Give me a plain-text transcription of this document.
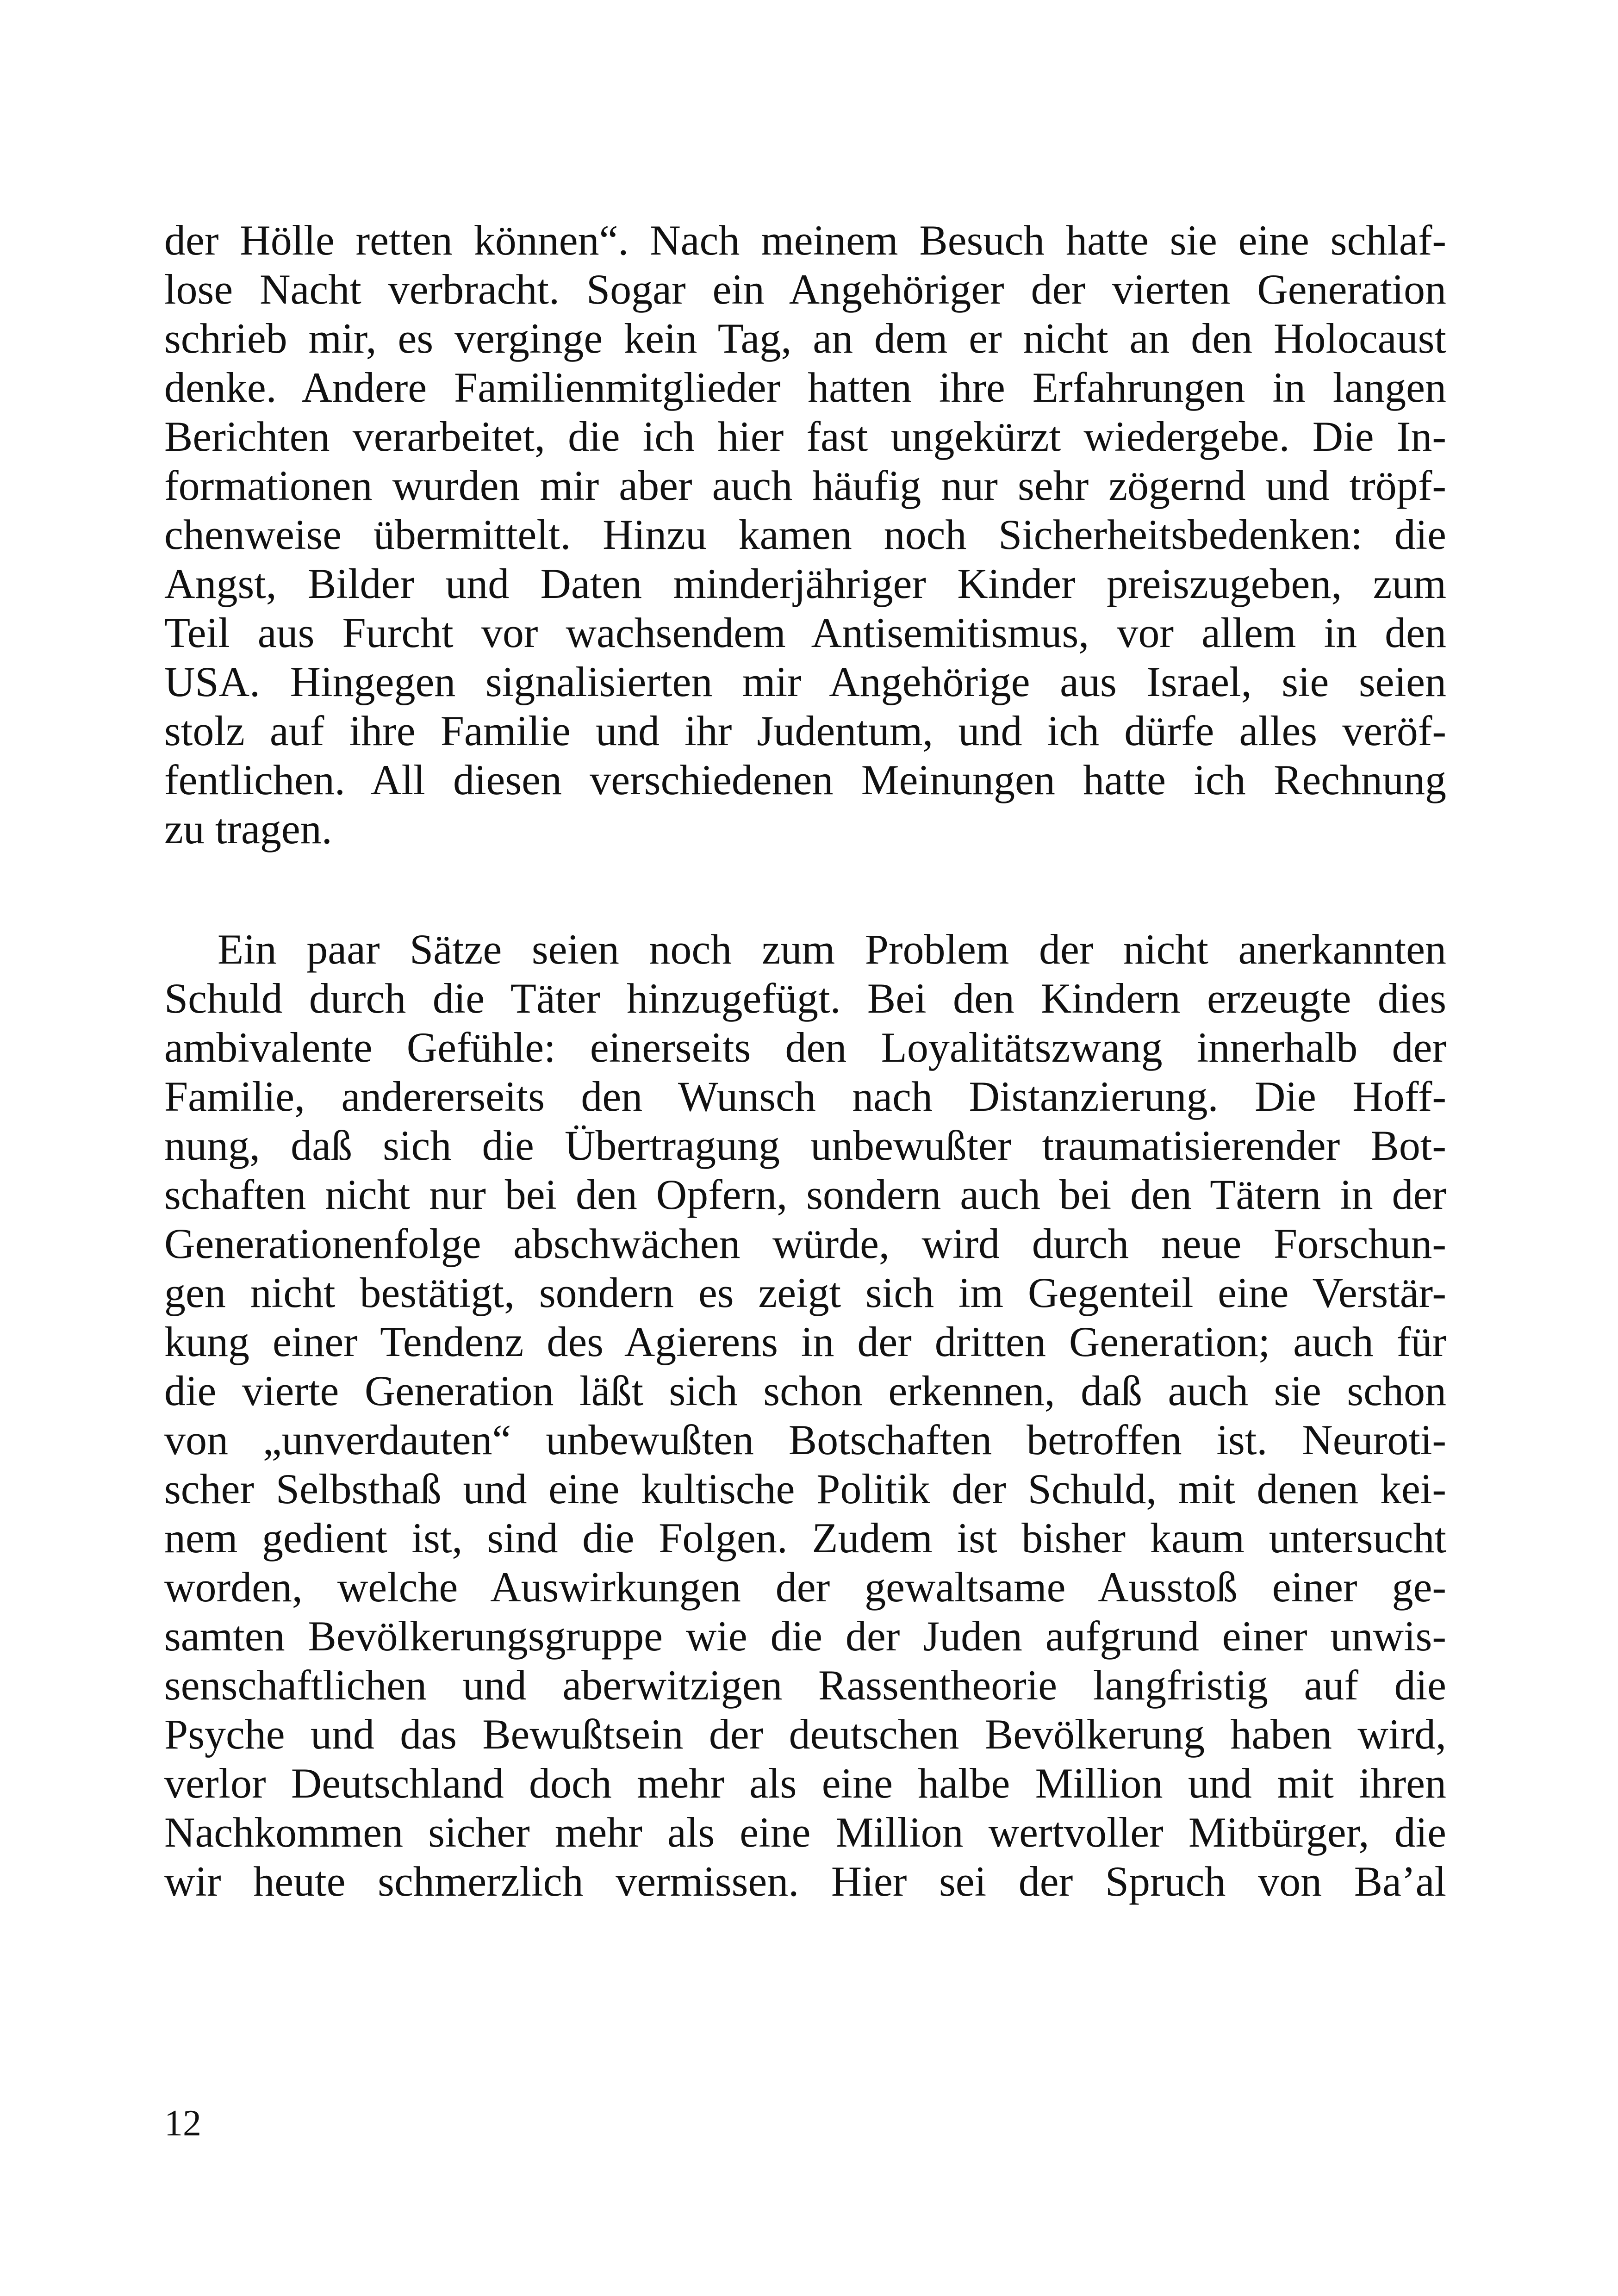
der Hölle retten können“. Nach meinem Besuch hatte sie eine schlaf-
lose Nacht verbracht. Sogar ein Angehöriger der vierten Generation
schrieb mir, es verginge kein Tag, an dem er nicht an den Holocaust
denke. Andere Familienmitglieder hatten ihre Erfahrungen in langen
Berichten verarbeitet, die ich hier fast ungekürzt wiedergebe. Die In-
formationen wurden mir aber auch häufig nur sehr zögernd und tröpf-
chenweise übermittelt. Hinzu kamen noch Sicherheitsbedenken: die
Angst, Bilder und Daten minderjähriger Kinder preiszugeben, zum
Teil aus Furcht vor wachsendem Antisemitismus, vor allem in den
USA. Hingegen signalisierten mir Angehörige aus Israel, sie seien
stolz auf ihre Familie und ihr Judentum, und ich dürfe alles veröf-
fentlichen. All diesen verschiedenen Meinungen hatte ich Rechnung
zu tragen.
Ein paar Sätze seien noch zum Problem der nicht anerkannten
Schuld durch die Täter hinzugefügt. Bei den Kindern erzeugte dies
ambivalente Gefühle: einerseits den Loyalitätszwang innerhalb der
Familie, andererseits den Wunsch nach Distanzierung. Die Hoff-
nung, daß sich die Übertragung unbewußter traumatisierender Bot-
schaften nicht nur bei den Opfern, sondern auch bei den Tätern in der
Generationenfolge abschwächen würde, wird durch neue Forschun-
gen nicht bestätigt, sondern es zeigt sich im Gegenteil eine Verstär-
kung einer Tendenz des Agierens in der dritten Generation; auch für
die vierte Generation läßt sich schon erkennen, daß auch sie schon
von „unverdauten“ unbewußten Botschaften betroffen ist. Neuroti-
scher Selbsthaß und eine kultische Politik der Schuld, mit denen kei-
nem gedient ist, sind die Folgen. Zudem ist bisher kaum untersucht
worden, welche Auswirkungen der gewaltsame Ausstoß einer ge-
samten Bevölkerungsgruppe wie die der Juden aufgrund einer unwis-
senschaftlichen und aberwitzigen Rassentheorie langfristig auf die
Psyche und das Bewußtsein der deutschen Bevölkerung haben wird,
verlor Deutschland doch mehr als eine halbe Million und mit ihren
Nachkommen sicher mehr als eine Million wertvoller Mitbürger, die
wir heute schmerzlich vermissen. Hier sei der Spruch von Ba’al
12
